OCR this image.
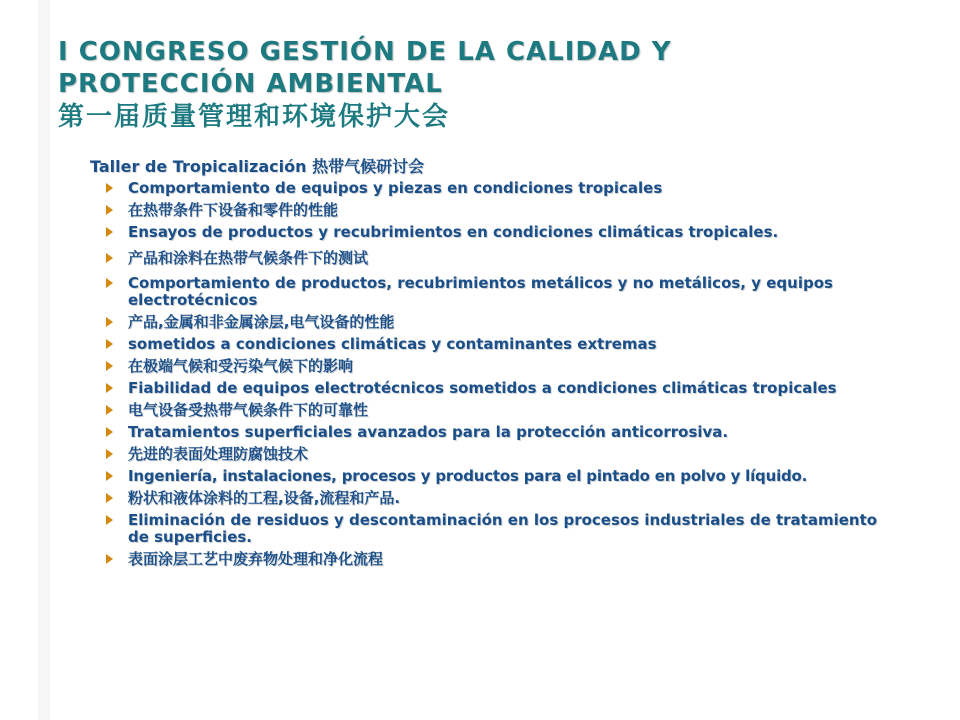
I CONGRESO GESTIÓN DE LA CALIDAD Y

PROTECCIÓN AMBIENTAL

第一届质量管理和环境保护大会

Taller de Tropicalización 热带气候研讨会

Comportamiento de equipos y piezas en condiciones tropicales
在热带条件下设备和零件的性能
Ensayos de productos y recubrimientos en condiciones climáticas tropicales.
产品和涂料在热带气候条件下的测试
Comportamiento de productos, recubrimientos metálicos y no metálicos, y equipos electrotécnicos
产品,金属和非金属涂层,电气设备的性能
sometidos a condiciones climáticas y contaminantes extremas
在极端气候和受污染气候下的影响
Fiabilidad de equipos electrotécnicos sometidos a condiciones climáticas tropicales
电气设备受热带气候条件下的可靠性
Tratamientos superficiales avanzados para la protección anticorrosiva.
先进的表面处理防腐蚀技术
Ingeniería, instalaciones, procesos y productos para el pintado en polvo y líquido.
粉状和液体涂料的工程,设备,流程和产品.
Eliminación de residuos y descontaminación en los procesos industriales de tratamiento de superficies.
表面涂层工艺中废弃物处理和净化流程
